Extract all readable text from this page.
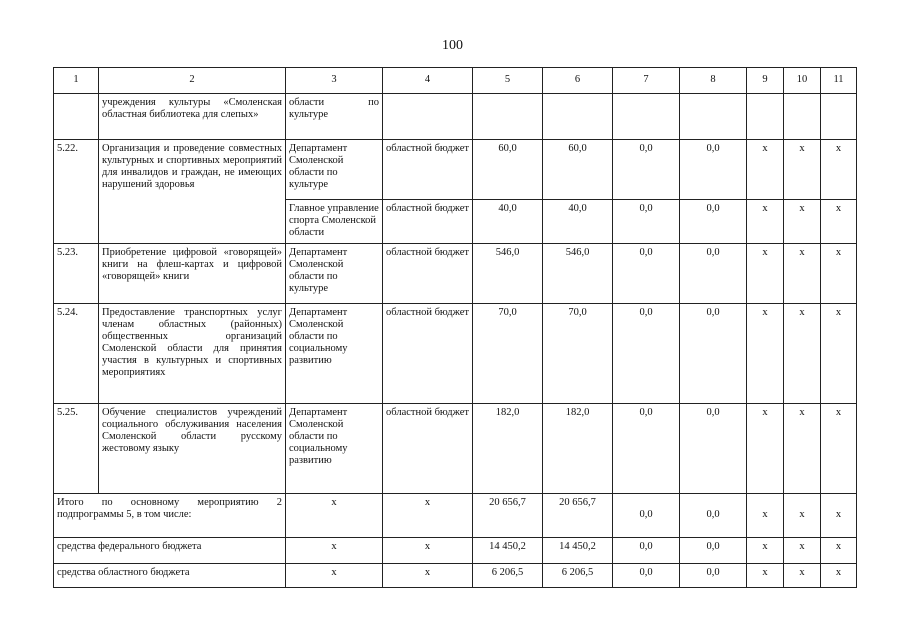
100
1	2	3	4	5	6	7	8	9	10	11
	учреждения культуры «Смоленская областная библиотека для слепых»	области по культуре								
5.22.	Организация и проведение совместных культурных и спортивных мероприятий для инвалидов и граждан, не имеющих нарушений здоровья	Департамент Смоленской области по культуре	областной бюджет	60,0	60,0	0,0	0,0	х	х	х
		Главное управление спорта Смоленской области	областной бюджет	40,0	40,0	0,0	0,0	х	х	х
5.23.	Приобретение цифровой «говорящей» книги на флеш-картах и цифровой «говорящей» книги	Департамент Смоленской области по культуре	областной бюджет	546,0	546,0	0,0	0,0	х	х	х
5.24.	Предоставление транспортных услуг членам областных (районных) общественных организаций Смоленской области для принятия участия в культурных и спортивных мероприятиях	Департамент Смоленской области по социальному развитию	областной бюджет	70,0	70,0	0,0	0,0	х	х	х
5.25.	Обучение специалистов учреждений социального обслуживания населения Смоленской области русскому жестовому языку	Департамент Смоленской области по социальному развитию	областной бюджет	182,0	182,0	0,0	0,0	х	х	х
Итого по основному мероприятию 2 подпрограммы 5, в том числе:		х	х	20 656,7	20 656,7	0,0	0,0	х	х	х
средства федерального бюджета		х	х	14 450,2	14 450,2	0,0	0,0	х	х	х
средства областного бюджета		х	х	6 206,5	6 206,5	0,0	0,0	х	х	х
